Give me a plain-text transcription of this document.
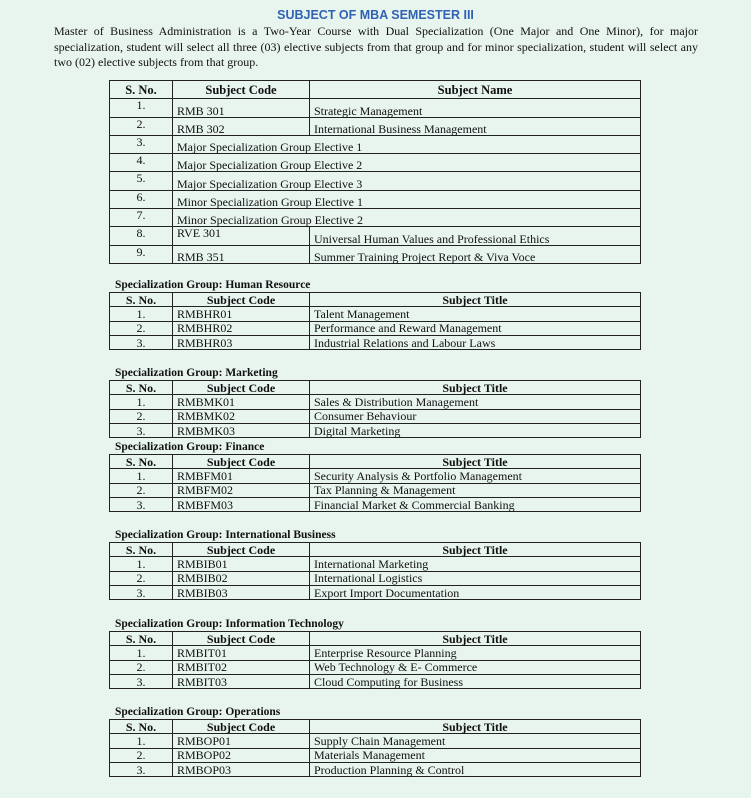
SUBJECT OF MBA SEMESTER III
Master of Business Administration is a Two-Year Course with Dual Specialization (One Major and One Minor), for major specialization, student will select all three (03) elective subjects from that group and for minor specialization, student will select any two (02) elective subjects from that group.
S. No.	Subject Code	Subject Name
1.	RMB 301	Strategic Management
2.	RMB 302	International Business Management
3.	Major Specialization Group Elective 1	
4.	Major Specialization Group Elective 2	
5.	Major Specialization Group Elective 3	
6.	Minor Specialization Group Elective 1	
7.	Minor Specialization Group Elective 2	
8.	RVE 301	Universal Human Values and Professional Ethics
9.	RMB 351	Summer Training Project Report & Viva Voce
Specialization Group: Human Resource
S. No.	Subject Code	Subject Title
1.	RMBHR01	Talent Management
2.	RMBHR02	Performance and Reward Management
3.	RMBHR03	Industrial Relations and Labour Laws
Specialization Group: Marketing
S. No.	Subject Code	Subject Title
1.	RMBMK01	Sales & Distribution Management
2.	RMBMK02	Consumer Behaviour
3.	RMBMK03	Digital Marketing
Specialization Group: Finance
S. No.	Subject Code	Subject Title
1.	RMBFM01	Security Analysis & Portfolio Management
2.	RMBFM02	Tax Planning & Management
3.	RMBFM03	Financial Market & Commercial Banking
Specialization Group: International Business
S. No.	Subject Code	Subject Title
1.	RMBIB01	International Marketing
2.	RMBIB02	International Logistics
3.	RMBIB03	Export Import Documentation
Specialization Group: Information Technology
S. No.	Subject Code	Subject Title
1.	RMBIT01	Enterprise Resource Planning
2.	RMBIT02	Web Technology & E- Commerce
3.	RMBIT03	Cloud Computing for Business
Specialization Group: Operations
S. No.	Subject Code	Subject Title
1.	RMBOP01	Supply Chain Management
2.	RMBOP02	Materials Management
3.	RMBOP03	Production Planning & Control
